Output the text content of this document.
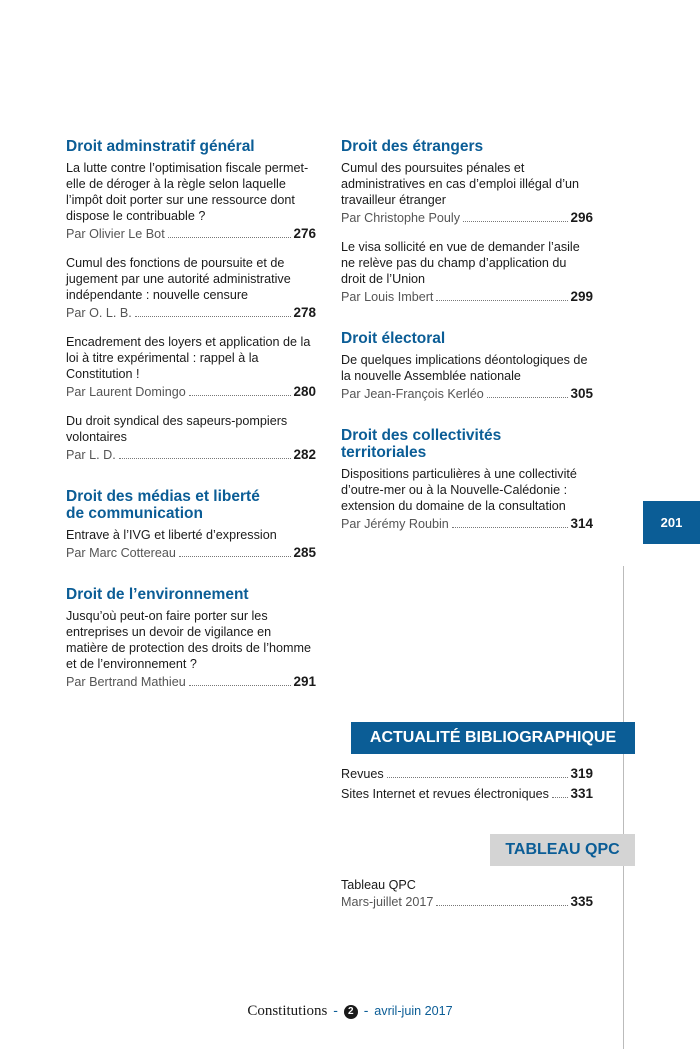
Droit adminstratif général
La lutte contre l’optimisation fiscale permet-elle de déroger à la règle selon laquelle l’impôt doit porter sur une ressource dont dispose le contribuable ?
Par Olivier Le Bot	276
Cumul des fonctions de poursuite et de jugement par une autorité administrative indépendante : nouvelle censure
Par O. L. B.	278
Encadrement des loyers et application de la loi à titre expérimental : rappel à la Constitution !
Par Laurent Domingo	280
Du droit syndical des sapeurs-pompiers volontaires
Par L. D.	282
Droit des médias et liberté de communication
Entrave à l’IVG et liberté d’expression
Par Marc Cottereau	285
Droit de l’environnement
Jusqu’où peut-on faire porter sur les entreprises un devoir de vigilance en matière de protection des droits de l’homme et de l’environnement ?
Par Bertrand Mathieu	291
Droit des étrangers
Cumul des poursuites pénales et administratives en cas d’emploi illégal d’un travailleur étranger
Par Christophe Pouly	296
Le visa sollicité en vue de demander l’asile ne relève pas du champ d’application du droit de l’Union
Par Louis Imbert	299
Droit électoral
De quelques implications déontologiques de la nouvelle Assemblée nationale
Par Jean-François Kerléo	305
Droit des collectivités territoriales
Dispositions particulières à une collectivité d’outre-mer ou à la Nouvelle-Calédonie : extension du domaine de la consultation
Par Jérémy Roubin	314	201
ACTUALITÉ BIBLIOGRAPHIQUE
Revues	319
Sites Internet et revues électroniques 331
TABLEAU QPC
Tableau QPC
Mars-juillet 2017	335
Constitutions - 2 - avril-juin 2017
